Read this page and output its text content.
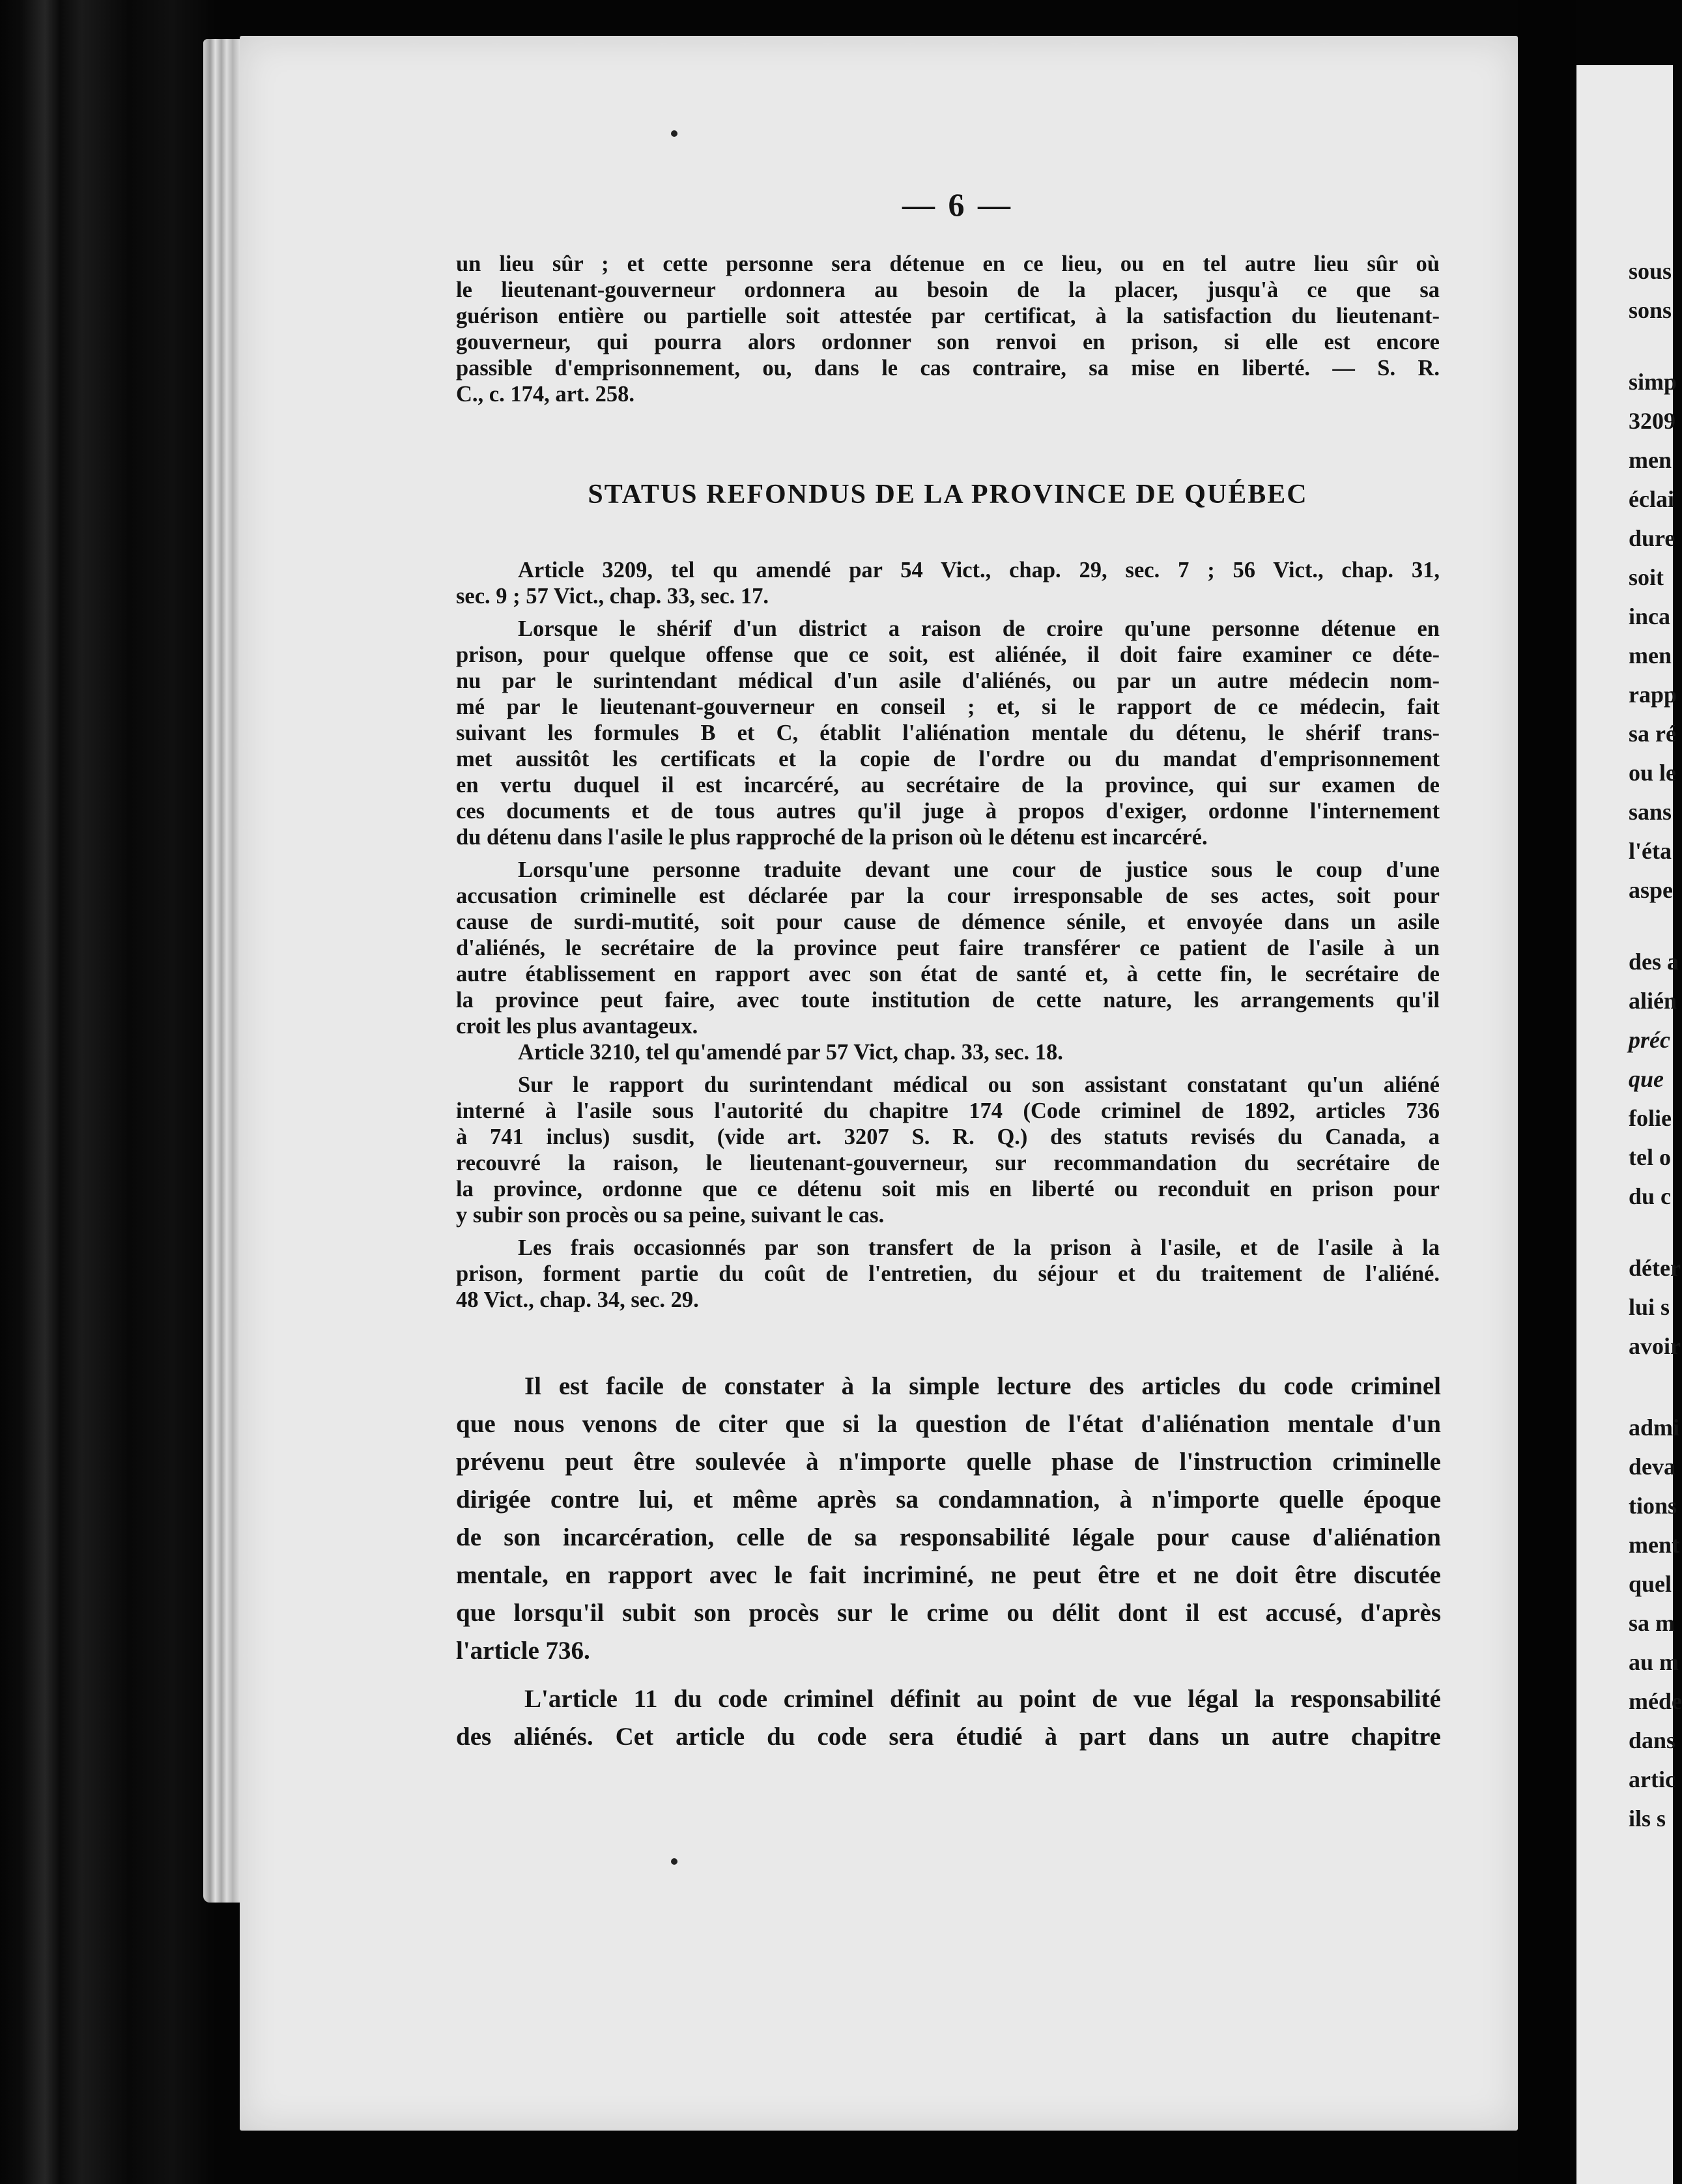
— 6 —
un lieu sûr ; et cette personne sera détenue en ce lieu, ou en tel autre lieu sûr où
le lieutenant-gouverneur ordonnera au besoin de la placer, jusqu'à ce que sa
guérison entière ou partielle soit attestée par certificat, à la satisfaction du lieutenant-
gouverneur, qui pourra alors ordonner son renvoi en prison, si elle est encore
passible d'emprisonnement, ou, dans le cas contraire, sa mise en liberté. — S. R.
C., c. 174, art. 258.
STATUS REFONDUS DE LA PROVINCE DE QUÉBEC
Article 3209, tel qu amendé par 54 Vict., chap. 29, sec. 7 ; 56 Vict., chap. 31,
sec. 9 ; 57 Vict., chap. 33, sec. 17.
Lorsque le shérif d'un district a raison de croire qu'une personne détenue en
prison, pour quelque offense que ce soit, est aliénée, il doit faire examiner ce déte-
nu par le surintendant médical d'un asile d'aliénés, ou par un autre médecin nom-
mé par le lieutenant-gouverneur en conseil ; et, si le rapport de ce médecin, fait
suivant les formules B et C, établit l'aliénation mentale du détenu, le shérif trans-
met aussitôt les certificats et la copie de l'ordre ou du mandat d'emprisonnement
en vertu duquel il est incarcéré, au secrétaire de la province, qui sur examen de
ces documents et de tous autres qu'il juge à propos d'exiger, ordonne l'internement
du détenu dans l'asile le plus rapproché de la prison où le détenu est incarcéré.
Lorsqu'une personne traduite devant une cour de justice sous le coup d'une
accusation criminelle est déclarée par la cour irresponsable de ses actes, soit pour
cause de surdi-mutité, soit pour cause de démence sénile, et envoyée dans un asile
d'aliénés, le secrétaire de la province peut faire transférer ce patient de l'asile à un
autre établissement en rapport avec son état de santé et, à cette fin, le secrétaire de
la province peut faire, avec toute institution de cette nature, les arrangements qu'il
croit les plus avantageux.
Article 3210, tel qu'amendé par 57 Vict, chap. 33, sec. 18.
Sur le rapport du surintendant médical ou son assistant constatant qu'un aliéné
interné à l'asile sous l'autorité du chapitre 174 (Code criminel de 1892, articles 736
à 741 inclus) susdit, (vide art. 3207 S. R. Q.) des statuts revisés du Canada, a
recouvré la raison, le lieutenant-gouverneur, sur recommandation du secrétaire de
la province, ordonne que ce détenu soit mis en liberté ou reconduit en prison pour
y subir son procès ou sa peine, suivant le cas.
Les frais occasionnés par son transfert de la prison à l'asile, et de l'asile à la
prison, forment partie du coût de l'entretien, du séjour et du traitement de l'aliéné.
48 Vict., chap. 34, sec. 29.
Il est facile de constater à la simple lecture des articles du code criminel
que nous venons de citer que si la question de l'état d'aliénation mentale d'un
prévenu peut être soulevée à n'importe quelle phase de l'instruction criminelle
dirigée contre lui, et même après sa condamnation, à n'importe quelle époque
de son incarcération, celle de sa responsabilité légale pour cause d'aliénation
mentale, en rapport avec le fait incriminé, ne peut être et ne doit être discutée
que lorsqu'il subit son procès sur le crime ou délit dont il est accusé, d'après
l'article 736.
L'article 11 du code criminel définit au point de vue légal la responsabilité
des aliénés. Cet article du code sera étudié à part dans un autre chapitre
sous
sons
simp
3209
men
éclai
dure
soit
inca
men
rapp
sa ré
ou le
sans
l'éta
aspe
des a
alién
préc
que
folie
tel o
du c
déter
lui s
avoir
admi
deva
tions
ment
quel
sa m
au m
méde
dans
artic
ils s
